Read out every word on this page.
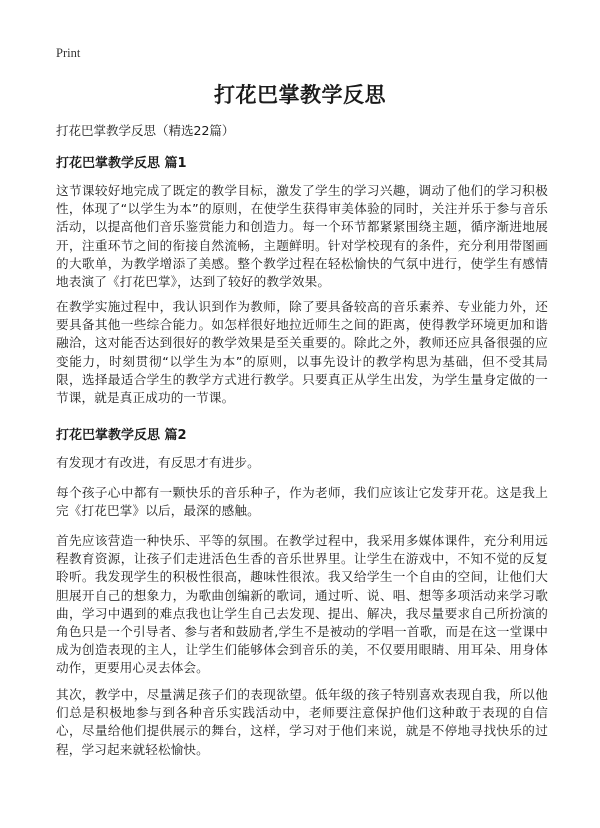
Print
打花巴掌教学反思
打花巴掌教学反思（精选22篇）
打花巴掌教学反思 篇1

这节课较好地完成了既定的教学目标，激发了学生的学习兴趣，调动了他们的学习积极性，体现了“以学生为本”的原则，在使学生获得审美体验的同时，关注并乐于参与音乐活动，以提高他们音乐鉴赏能力和创造力。每一个环节都紧紧围绕主题，循序渐进地展开，注重环节之间的衔接自然流畅，主题鲜明。针对学校现有的条件，充分利用带图画的大歌单，为教学增添了美感。整个教学过程在轻松愉快的气氛中进行，使学生有感情地表演了《打花巴掌》，达到了较好的教学效果。

在教学实施过程中，我认识到作为教师，除了要具备较高的音乐素养、专业能力外，还要具备其他一些综合能力。如怎样很好地拉近师生之间的距离，使得教学环境更加和谐融洽，这对能否达到很好的教学效果是至关重要的。除此之外，教师还应具备很强的应变能力，时刻贯彻“以学生为本”的原则，以事先设计的教学构思为基础，但不受其局限，选择最适合学生的教学方式进行教学。只要真正从学生出发，为学生量身定做的一节课，就是真正成功的一节课。

打花巴掌教学反思 篇2

有发现才有改进，有反思才有进步。

每个孩子心中都有一颗快乐的音乐种子，作为老师，我们应该让它发芽开花。这是我上完《打花巴掌》以后，最深的感触。

首先应该营造一种快乐、平等的氛围。在教学过程中，我采用多媒体课件，充分利用远程教育资源，让孩子们走进活色生香的音乐世界里。让学生在游戏中，不知不觉的反复聆听。我发现学生的积极性很高，趣味性很浓。我又给学生一个自由的空间，让他们大胆展开自己的想象力，为歌曲创编新的歌词，通过听、说、唱、想等多项活动来学习歌曲，学习中遇到的难点我也让学生自己去发现、提出、解决，我尽量要求自己所扮演的角色只是一个引导者、参与者和鼓励者,学生不是被动的学唱一首歌，而是在这一堂课中成为创造表现的主人，让学生们能够体会到音乐的美，不仅要用眼睛、用耳朵、用身体动作，更要用心灵去体会。

其次，教学中，尽量满足孩子们的表现欲望。低年级的孩子特别喜欢表现自我，所以他们总是积极地参与到各种音乐实践活动中，老师要注意保护他们这种敢于表现的自信心，尽量给他们提供展示的舞台，这样，学习对于他们来说，就是不停地寻找快乐的过程，学习起来就轻松愉快。
